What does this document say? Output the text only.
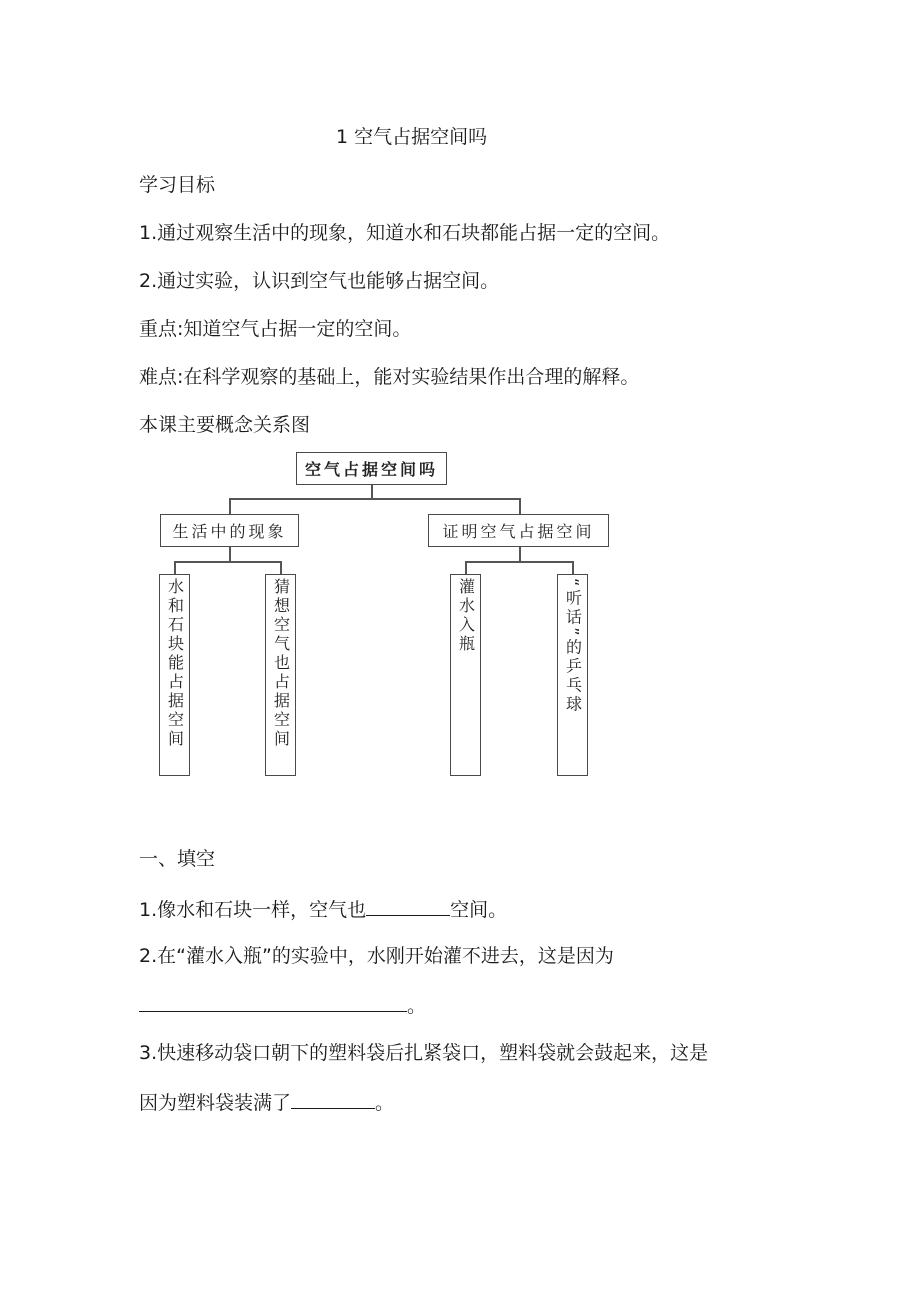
1 空气占据空间吗
学习目标
1.通过观察生活中的现象，知道水和石块都能占据一定的空间。
2.通过实验，认识到空气也能够占据空间。
重点:知道空气占据一定的空间。
难点:在科学观察的基础上，能对实验结果作出合理的解释。
本课主要概念关系图
空气占据空间吗
生活中的现象	证明空气占据空间
水和石块能占据空间	猜想空气也占据空间	灌水入瓶	“听话”的乒乓球
一、填空
1.像水和石块一样，空气也	空间。
2.在“灌水入瓶”的实验中，水刚开始灌不进去，这是因为
。
3.快速移动袋口朝下的塑料袋后扎紧袋口，塑料袋就会鼓起来，这是
因为塑料袋装满了	。
